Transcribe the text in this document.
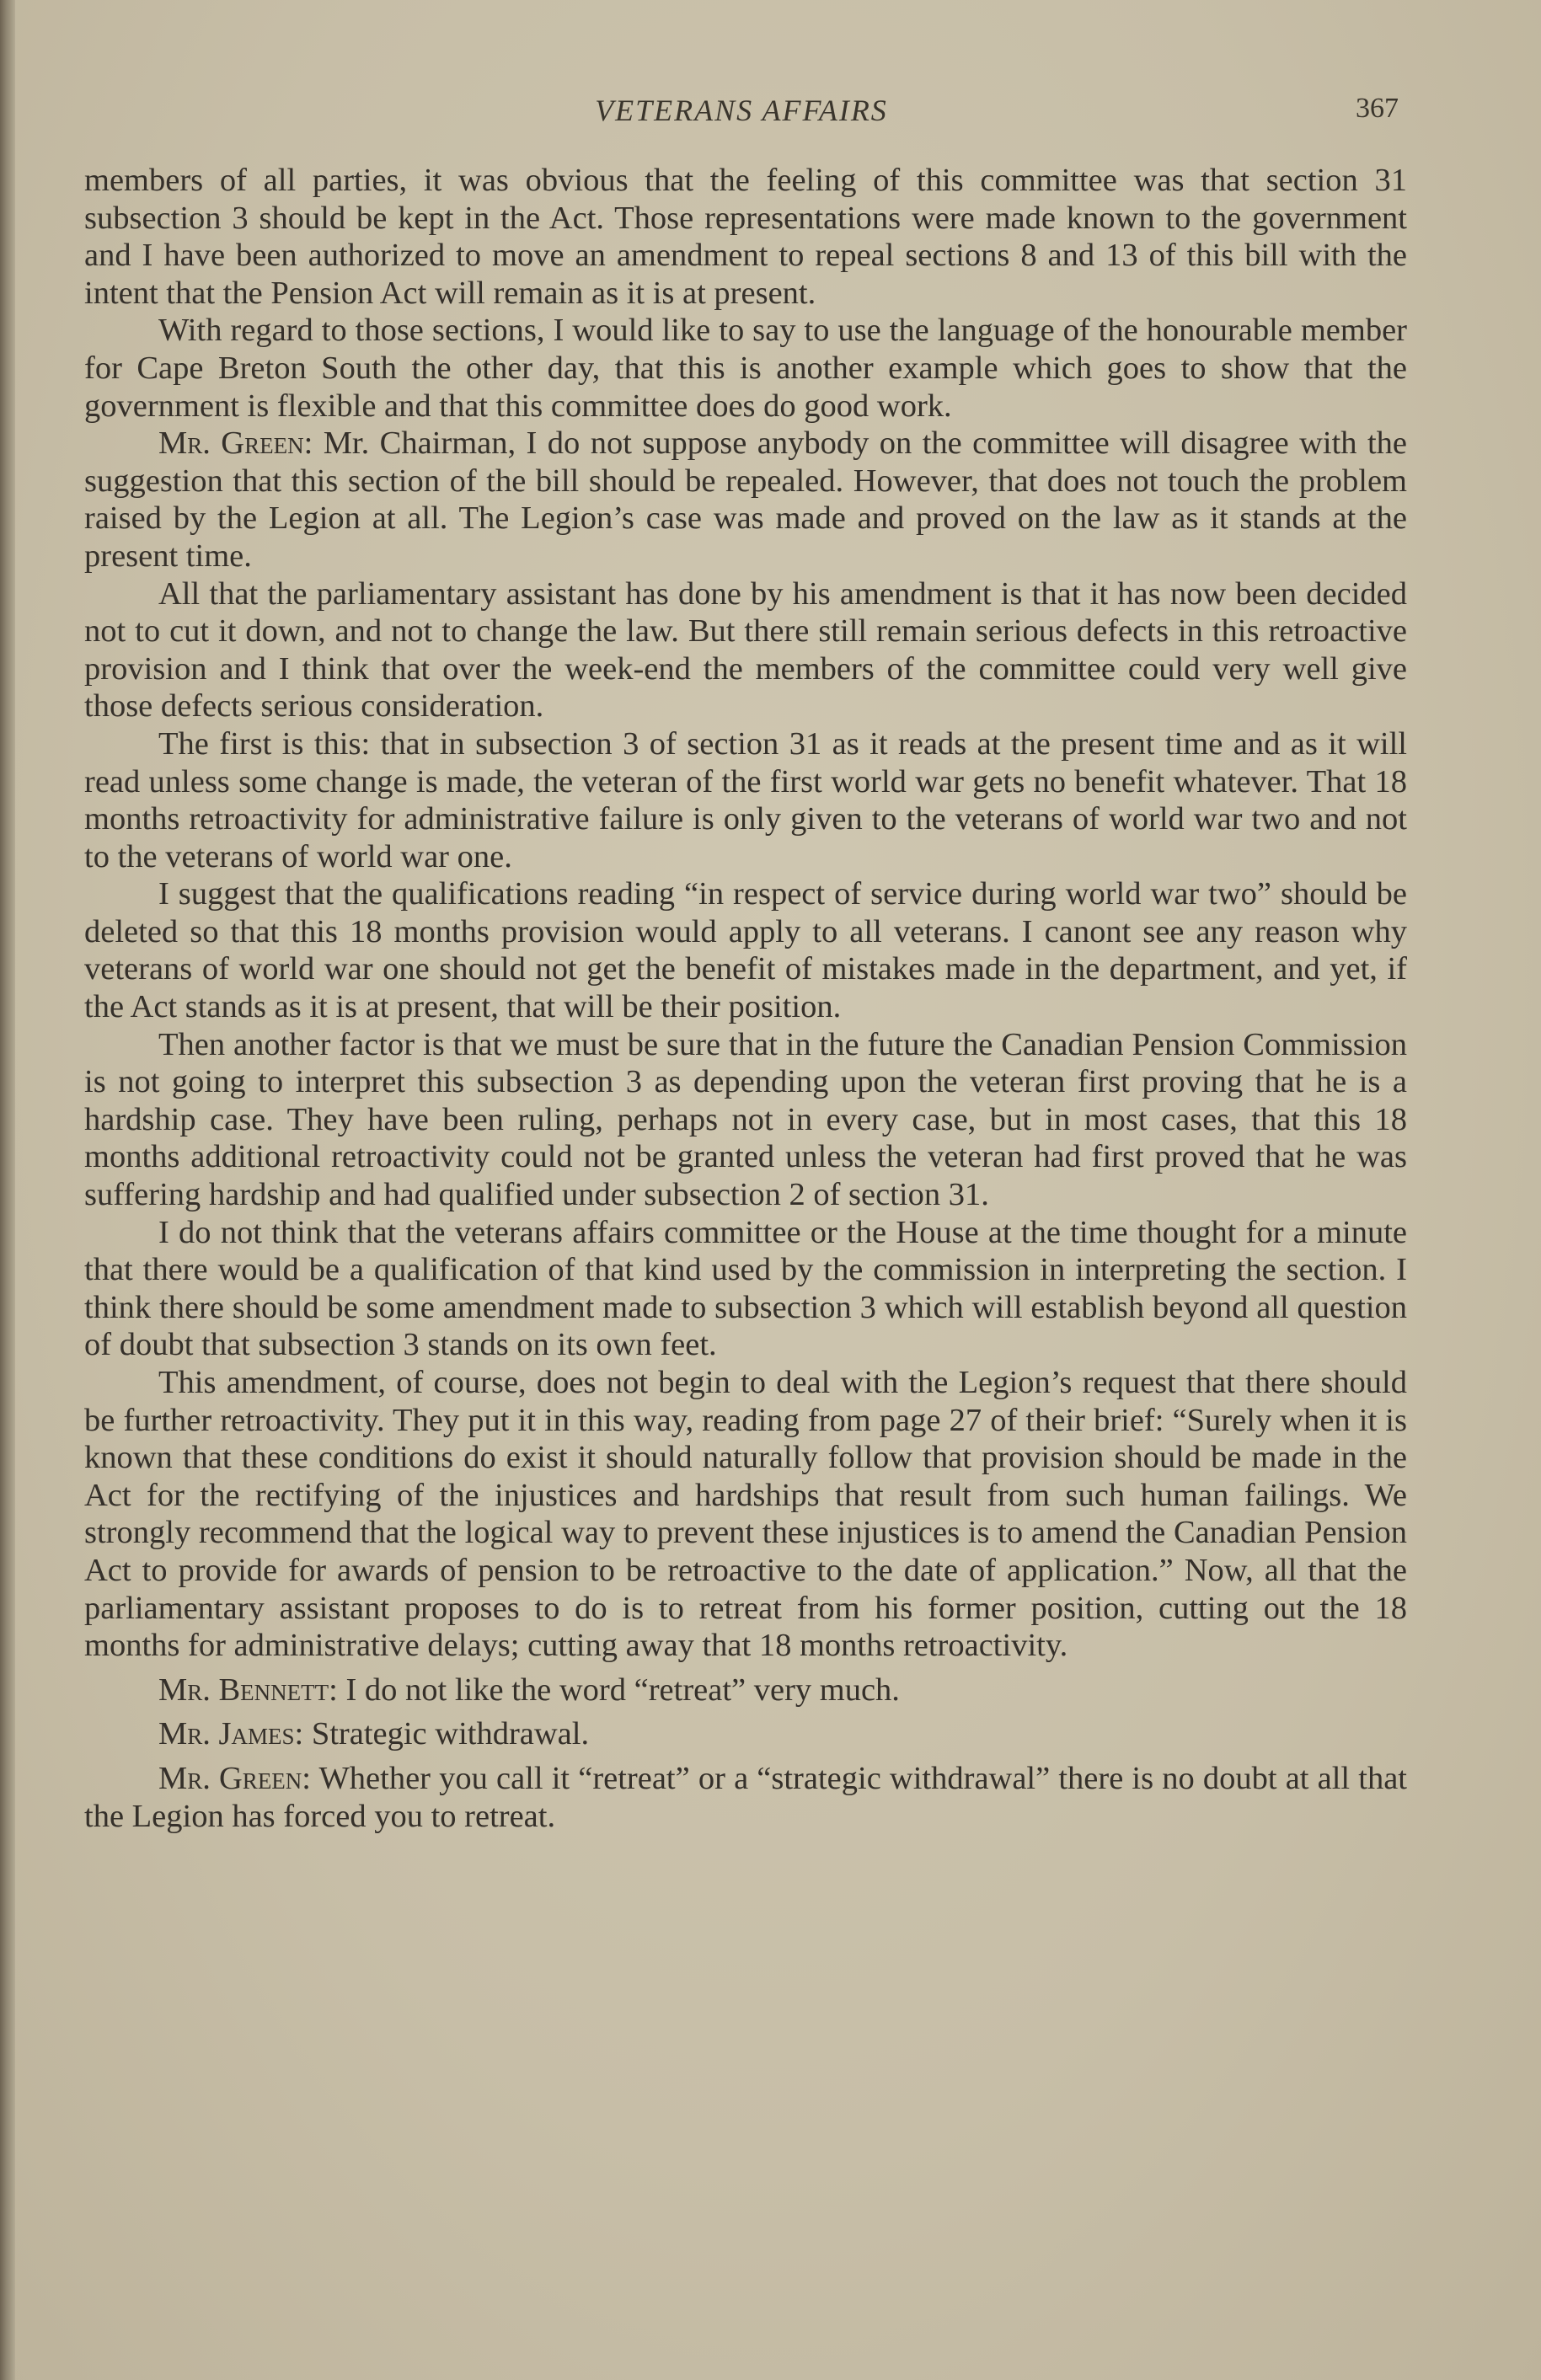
VETERANS AFFAIRS	367

members of all parties, it was obvious that the feeling of this committee was that section 31 subsection 3 should be kept in the Act. Those representations were made known to the government and I have been authorized to move an amendment to repeal sections 8 and 13 of this bill with the intent that the Pension Act will remain as it is at present.

With regard to those sections, I would like to say to use the language of the honourable member for Cape Breton South the other day, that this is another example which goes to show that the government is flexible and that this committee does do good work.

Mr. Green: Mr. Chairman, I do not suppose anybody on the committee will disagree with the suggestion that this section of the bill should be repealed. However, that does not touch the problem raised by the Legion at all. The Legion’s case was made and proved on the law as it stands at the present time.

All that the parliamentary assistant has done by his amendment is that it has now been decided not to cut it down, and not to change the law. But there still remain serious defects in this retroactive provision and I think that over the week-end the members of the committee could very well give those defects serious consideration.

The first is this: that in subsection 3 of section 31 as it reads at the present time and as it will read unless some change is made, the veteran of the first world war gets no benefit whatever. That 18 months retroactivity for administrative failure is only given to the veterans of world war two and not to the veterans of world war one.

I suggest that the qualifications reading “in respect of service during world war two” should be deleted so that this 18 months provision would apply to all veterans. I canont see any reason why veterans of world war one should not get the benefit of mistakes made in the department, and yet, if the Act stands as it is at present, that will be their position.

Then another factor is that we must be sure that in the future the Canadian Pension Commission is not going to interpret this subsection 3 as depending upon the veteran first proving that he is a hardship case. They have been ruling, perhaps not in every case, but in most cases, that this 18 months additional retroactivity could not be granted unless the veteran had first proved that he was suffering hardship and had qualified under subsection 2 of section 31.

I do not think that the veterans affairs committee or the House at the time thought for a minute that there would be a qualification of that kind used by the commission in interpreting the section. I think there should be some amendment made to subsection 3 which will establish beyond all question of doubt that subsection 3 stands on its own feet.

This amendment, of course, does not begin to deal with the Legion’s request that there should be further retroactivity. They put it in this way, reading from page 27 of their brief: “Surely when it is known that these conditions do exist it should naturally follow that provision should be made in the Act for the rectifying of the injustices and hardships that result from such human failings. We strongly recommend that the logical way to prevent these injustices is to amend the Canadian Pension Act to provide for awards of pension to be retroactive to the date of application.” Now, all that the parliamentary assistant proposes to do is to retreat from his former position, cutting out the 18 months for administrative delays; cutting away that 18 months retroactivity.

Mr. Bennett: I do not like the word “retreat” very much.

Mr. James: Strategic withdrawal.

Mr. Green: Whether you call it “retreat” or a “strategic withdrawal” there is no doubt at all that the Legion has forced you to retreat.
